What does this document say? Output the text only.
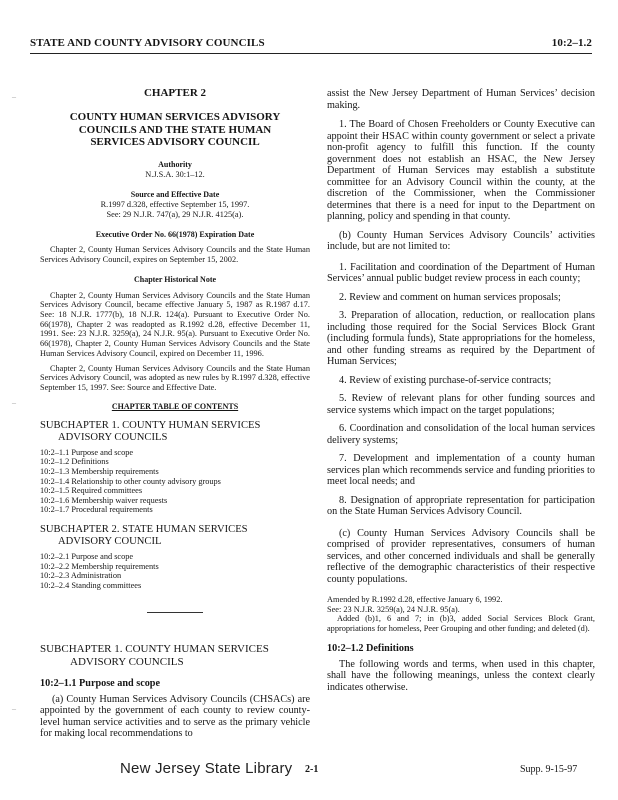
STATE AND COUNTY ADVISORY COUNCILS	10:2–1.2
–
–
–

CHAPTER 2

COUNTY HUMAN SERVICES ADVISORY
COUNCILS AND THE STATE HUMAN
SERVICES ADVISORY COUNCIL

Authority

N.J.S.A. 30:1–12.

Source and Effective Date

R.1997 d.328, effective September 15, 1997.

See: 29 N.J.R. 747(a), 29 N.J.R. 4125(a).

Executive Order No. 66(1978) Expiration Date

Chapter 2, County Human Services Advisory Councils and the State Human Services Advisory Council, expires on September 15, 2002.

Chapter Historical Note

Chapter 2, County Human Services Advisory Councils and the State Human Services Advisory Council, became effective January 5, 1987 as R.1987 d.17. See: 18 N.J.R. 1777(b), 18 N.J.R. 124(a). Pursuant to Executive Order No. 66(1978), Chapter 2 was readopted as R.1992 d.28, effective December 11, 1991. See: 23 N.J.R. 3259(a), 24 N.J.R. 95(a). Pursuant to Executive Order No. 66(1978), Chapter 2, County Human Services Advisory Councils and the State Human Services Advisory Council, expired on December 11, 1996.

Chapter 2, County Human Services Advisory Councils and the State Human Services Advisory Council, was adopted as new rules by R.1997 d.328, effective September 15, 1997. See: Source and Effective Date.

CHAPTER TABLE OF CONTENTS

SUBCHAPTER 1. COUNTY HUMAN SERVICES
ADVISORY COUNCILS

10:2–1.1 Purpose and scope
10:2–1.2 Definitions
10:2–1.3 Membership requirements
10:2–1.4 Relationship to other county advisory groups
10:2–1.5 Required committees
10:2–1.6 Membership waiver requests
10:2–1.7 Procedural requirements

SUBCHAPTER 2. STATE HUMAN SERVICES
ADVISORY COUNCIL

10:2–2.1 Purpose and scope
10:2–2.2 Membership requirements
10:2–2.3 Administration
10:2–2.4 Standing committees

SUBCHAPTER 1. COUNTY HUMAN SERVICES
ADVISORY COUNCILS

10:2–1.1 Purpose and scope

(a) County Human Services Advisory Councils (CHSACs) are appointed by the government of each county to review county-level human service activities and to serve as the primary vehicle for making local recommendations to

assist the New Jersey Department of Human Services’ decision making.

1. The Board of Chosen Freeholders or County Executive can appoint their HSAC within county government or select a private non-profit agency to fulfill this function. If the county government does not establish an HSAC, the New Jersey Department of Human Services may establish a substitute committee for an Advisory Council within the county, at the discretion of the Commissioner, when the Commissioner determines that there is a need for input to the Department on planning, policy and spending in that county.

(b) County Human Services Advisory Councils’ activities include, but are not limited to:

1. Facilitation and coordination of the Department of Human Services’ annual public budget review process in each county;

2. Review and comment on human services proposals;

3. Preparation of allocation, reduction, or reallocation plans including those required for the Social Services Block Grant (including formula funds), State appropriations for the homeless, and other funding streams as required by the Department of Human Services;

4. Review of existing purchase-of-service contracts;

5. Review of relevant plans for other funding sources and service systems which impact on the target populations;

6. Coordination and consolidation of the local human services delivery systems;

7. Development and implementation of a county human services plan which recommends service and funding priorities to meet local needs; and

8. Designation of appropriate representation for participation on the State Human Services Advisory Council.

(c) County Human Services Advisory Councils shall be comprised of provider representatives, consumers of human services, and other concerned individuals and shall be generally reflective of the demographic characteristics of their respective county populations.

Amended by R.1992 d.28, effective January 6, 1992.
See: 23 N.J.R. 3259(a), 24 N.J.R. 95(a).
Added (b)1, 6 and 7; in (b)3, added Social Services Block Grant, appropriations for homeless, Peer Grouping and other funding; and deleted (d).

10:2–1.2 Definitions

The following words and terms, when used in this chapter, shall have the following meanings, unless the context clearly indicates otherwise.

New Jersey State Library 2-1	Supp. 9-15-97
